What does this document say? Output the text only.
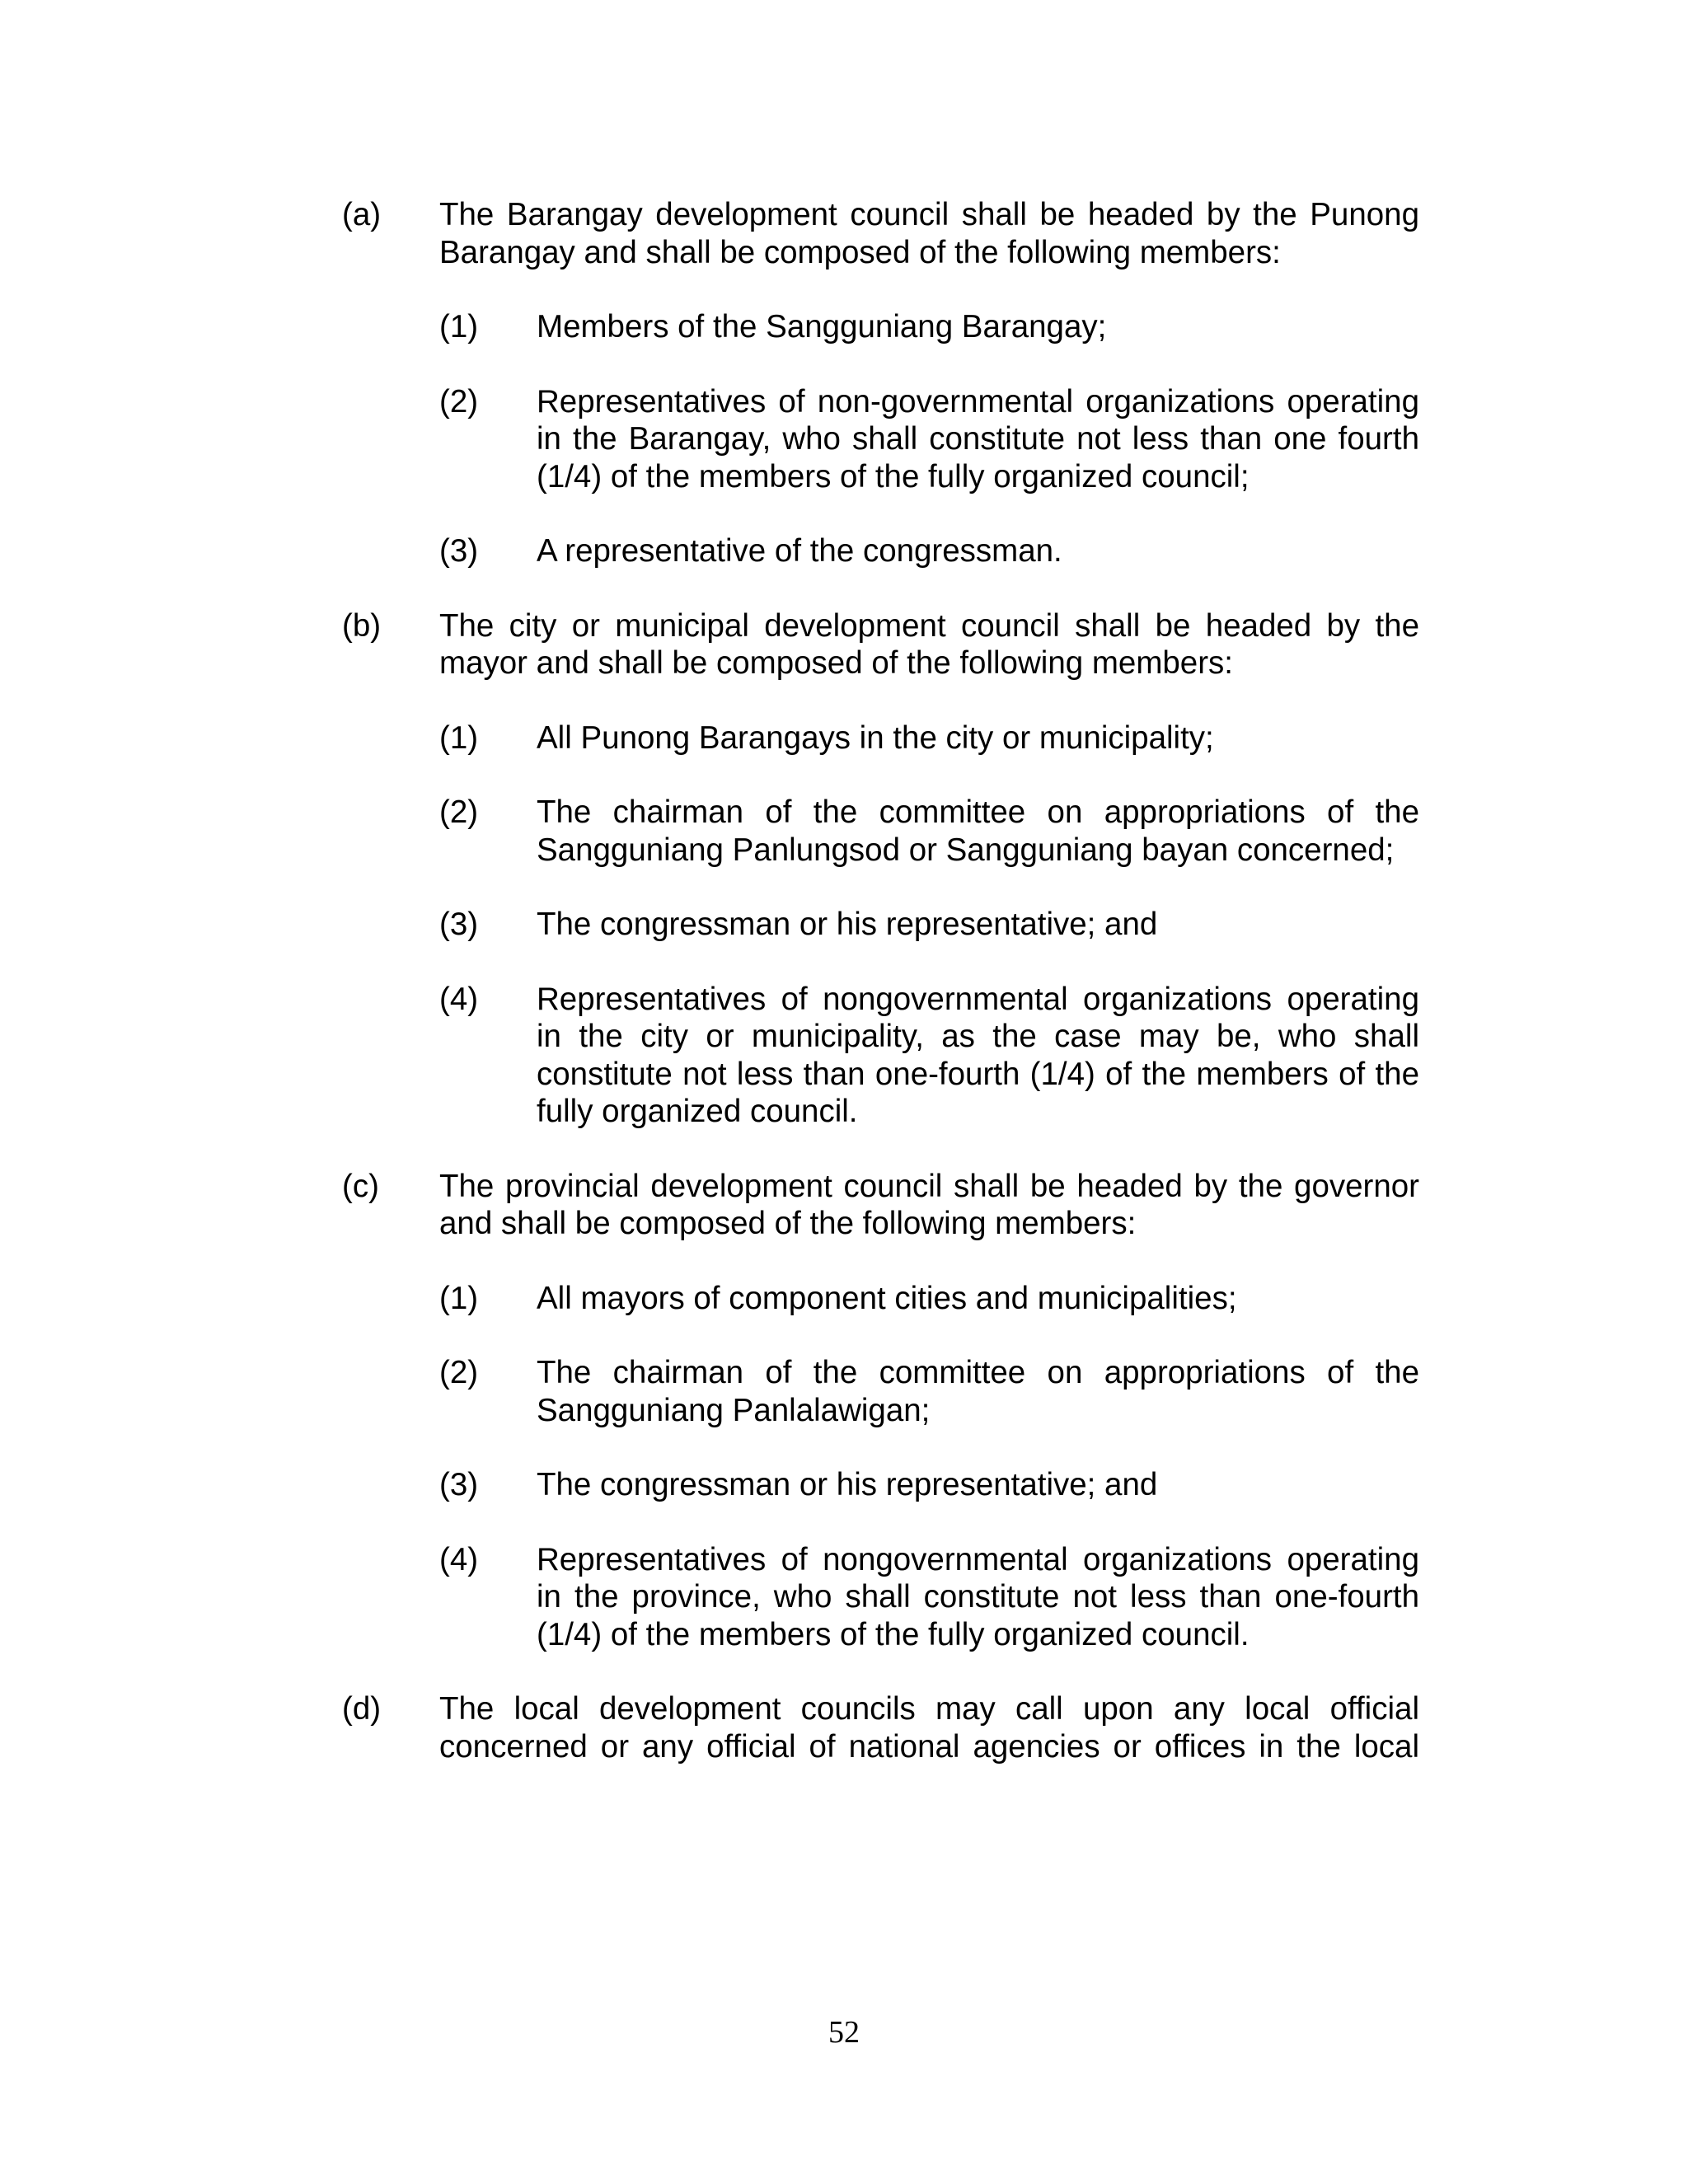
(a) The Barangay development council shall be headed by the Punong Barangay and shall be composed of the following members:
(1) Members of the Sangguniang Barangay;
(2) Representatives of non-governmental organizations operating in the Barangay, who shall constitute not less than one fourth (1/4) of the members of the fully organized council;
(3) A representative of the congressman.
(b) The city or municipal development council shall be headed by the mayor and shall be composed of the following members:
(1) All Punong Barangays in the city or municipality;
(2) The chairman of the committee on appropriations of the Sangguniang Panlungsod or Sangguniang bayan concerned;
(3) The congressman or his representative; and
(4) Representatives of nongovernmental organizations operating in the city or municipality, as the case may be, who shall constitute not less than one-fourth (1/4) of the members of the fully organized council.
(c) The provincial development council shall be headed by the governor and shall be composed of the following members:
(1) All mayors of component cities and municipalities;
(2) The chairman of the committee on appropriations of the Sangguniang Panlalawigan;
(3) The congressman or his representative; and
(4) Representatives of nongovernmental organizations operating in the province, who shall constitute not less than one-fourth (1/4) of the members of the fully organized council.
(d) The local development councils may call upon any local official concerned or any official of national agencies or offices in the local
52
